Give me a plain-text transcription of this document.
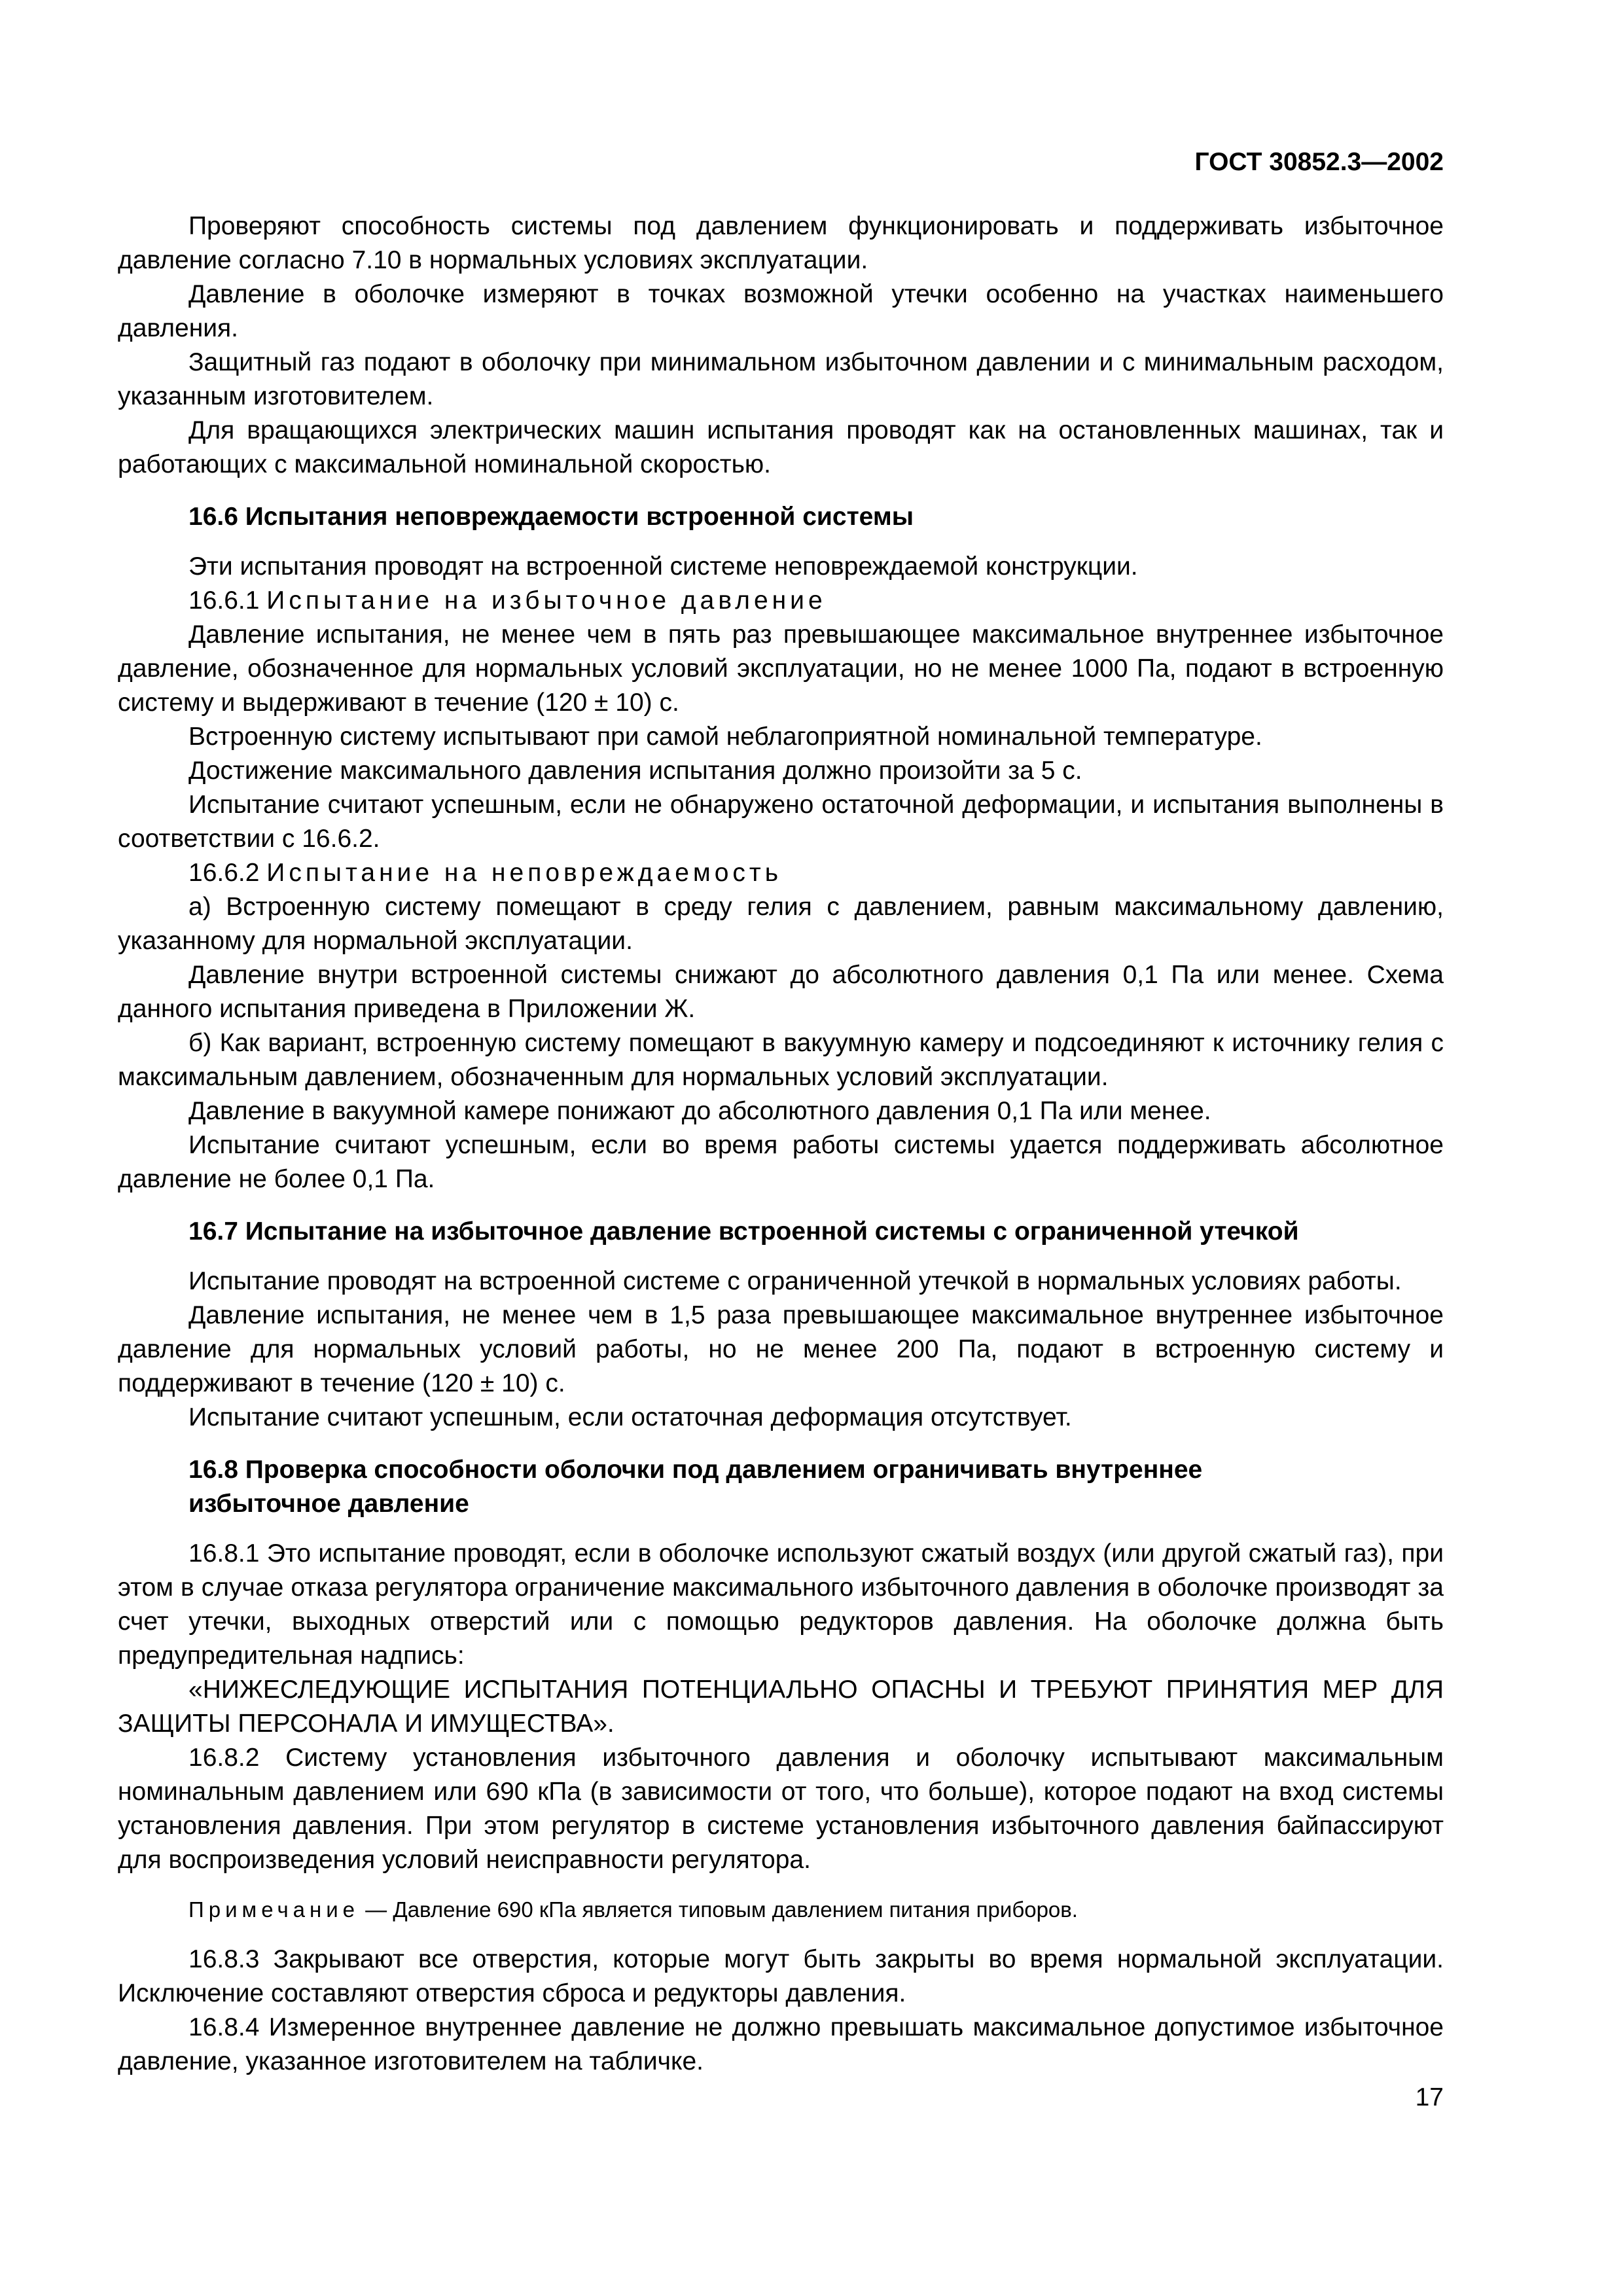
ГОСТ 30852.3—2002

Проверяют способность системы под давлением функционировать и поддерживать избыточное давление согласно 7.10 в нормальных условиях эксплуатации.

Давление в оболочке измеряют в точках возможной утечки особенно на участках наименьшего давления.

Защитный газ подают в оболочку при минимальном избыточном давлении и с минимальным расходом, указанным изготовителем.

Для вращающихся электрических машин испытания проводят как на остановленных машинах, так и работающих с максимальной номинальной скоростью.

16.6 Испытания неповреждаемости встроенной системы

Эти испытания проводят на встроенной системе неповреждаемой конструкции.

16.6.1 Испытание на избыточное давление

Давление испытания, не менее чем в пять раз превышающее максимальное внутреннее избыточное давление, обозначенное для нормальных условий эксплуатации, но не менее 1000 Па, подают в встроенную систему и выдерживают в течение (120 ± 10) с.

Встроенную систему испытывают при самой неблагоприятной номинальной температуре.

Достижение максимального давления испытания должно произойти за 5 с.

Испытание считают успешным, если не обнаружено остаточной деформации, и испытания выполнены в соответствии с 16.6.2.

16.6.2 Испытание на неповреждаемость

а) Встроенную систему помещают в среду гелия с давлением, равным максимальному давлению, указанному для нормальной эксплуатации.

Давление внутри встроенной системы снижают до абсолютного давления 0,1 Па или менее. Схема данного испытания приведена в Приложении Ж.

б) Как вариант, встроенную систему помещают в вакуумную камеру и подсоединяют к источнику гелия с максимальным давлением, обозначенным для нормальных условий эксплуатации.

Давление в вакуумной камере понижают до абсолютного давления 0,1 Па или менее.

Испытание считают успешным, если во время работы системы удается поддерживать абсолютное давление не более 0,1 Па.

16.7 Испытание на избыточное давление встроенной системы с ограниченной утечкой

Испытание проводят на встроенной системе с ограниченной утечкой в нормальных условиях работы.

Давление испытания, не менее чем в 1,5 раза превышающее максимальное внутреннее избыточное давление для нормальных условий работы, но не менее 200 Па, подают в встроенную систему и поддерживают в течение (120 ± 10) с.

Испытание считают успешным, если остаточная деформация отсутствует.

16.8 Проверка способности оболочки под давлением ограничивать внутреннее
избыточное давление

16.8.1 Это испытание проводят, если в оболочке используют сжатый воздух (или другой сжатый газ), при этом в случае отказа регулятора ограничение максимального избыточного давления в оболочке производят за счет утечки, выходных отверстий или с помощью редукторов давления. На оболочке должна быть предупредительная надпись:

«НИЖЕСЛЕДУЮЩИЕ ИСПЫТАНИЯ ПОТЕНЦИАЛЬНО ОПАСНЫ И ТРЕБУЮТ ПРИНЯТИЯ МЕР ДЛЯ ЗАЩИТЫ ПЕРСОНАЛА И ИМУЩЕСТВА».

16.8.2 Систему установления избыточного давления и оболочку испытывают максимальным номинальным давлением или 690 кПа (в зависимости от того, что больше), которое подают на вход системы установления давления. При этом регулятор в системе установления избыточного давления байпассируют для воспроизведения условий неисправности регулятора.

Примечание — Давление 690 кПа является типовым давлением питания приборов.

16.8.3 Закрывают все отверстия, которые могут быть закрыты во время нормальной эксплуатации. Исключение составляют отверстия сброса и редукторы давления.

16.8.4 Измеренное внутреннее давление не должно превышать максимальное допустимое избыточное давление, указанное изготовителем на табличке.

17
